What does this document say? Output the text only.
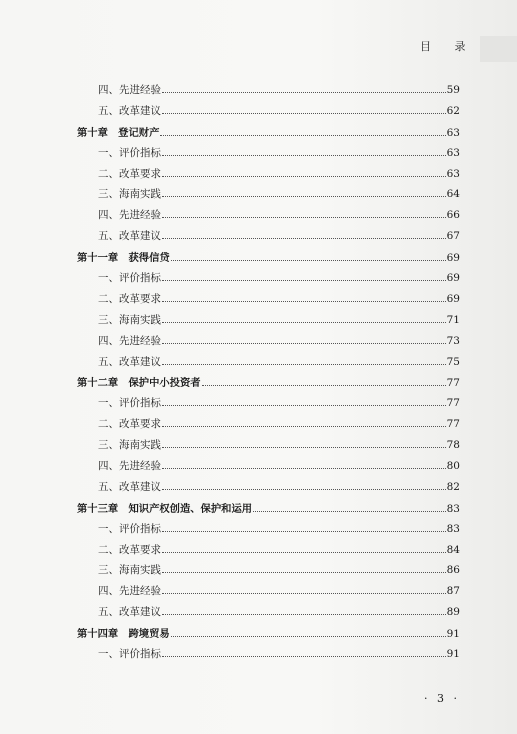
目 录
四、先进经验	59
五、改革建议	62
第十章　登记财产	63
一、评价指标	63
二、改革要求	63
三、海南实践	64
四、先进经验	66
五、改革建议	67
第十一章　获得信贷	69
一、评价指标	69
二、改革要求	69
三、海南实践	71
四、先进经验	73
五、改革建议	75
第十二章　保护中小投资者	77
一、评价指标	77
二、改革要求	77
三、海南实践	78
四、先进经验	80
五、改革建议	82
第十三章　知识产权创造、保护和运用	83
一、评价指标	83
二、改革要求	84
三、海南实践	86
四、先进经验	87
五、改革建议	89
第十四章　跨境贸易	91
一、评价指标	91
· 3 ·
